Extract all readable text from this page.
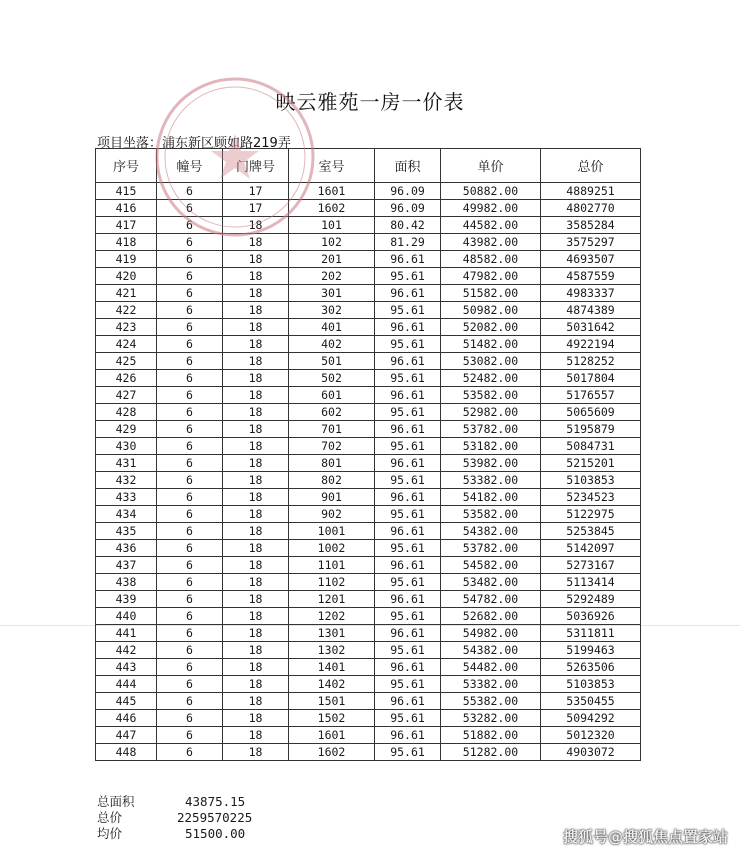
映云雅苑一房一价表
项目坐落：浦东新区顾如路219弄
序号	幢号	门牌号	室号	面积	单价	总价
415	6	17	1601	96.09	50882.00	4889251
416	6	17	1602	96.09	49982.00	4802770
417	6	18	101	80.42	44582.00	3585284
418	6	18	102	81.29	43982.00	3575297
419	6	18	201	96.61	48582.00	4693507
420	6	18	202	95.61	47982.00	4587559
421	6	18	301	96.61	51582.00	4983337
422	6	18	302	95.61	50982.00	4874389
423	6	18	401	96.61	52082.00	5031642
424	6	18	402	95.61	51482.00	4922194
425	6	18	501	96.61	53082.00	5128252
426	6	18	502	95.61	52482.00	5017804
427	6	18	601	96.61	53582.00	5176557
428	6	18	602	95.61	52982.00	5065609
429	6	18	701	96.61	53782.00	5195879
430	6	18	702	95.61	53182.00	5084731
431	6	18	801	96.61	53982.00	5215201
432	6	18	802	95.61	53382.00	5103853
433	6	18	901	96.61	54182.00	5234523
434	6	18	902	95.61	53582.00	5122975
435	6	18	1001	96.61	54382.00	5253845
436	6	18	1002	95.61	53782.00	5142097
437	6	18	1101	96.61	54582.00	5273167
438	6	18	1102	95.61	53482.00	5113414
439	6	18	1201	96.61	54782.00	5292489
440	6	18	1202	95.61	52682.00	5036926
441	6	18	1301	96.61	54982.00	5311811
442	6	18	1302	95.61	54382.00	5199463
443	6	18	1401	96.61	54482.00	5263506
444	6	18	1402	95.61	53382.00	5103853
445	6	18	1501	96.61	55382.00	5350455
446	6	18	1502	95.61	53282.00	5094292
447	6	18	1601	96.61	51882.00	5012320
448	6	18	1602	95.61	51282.00	4903072
总面积	43875.15
总价	2259570225
均价	51500.00	搜狐号@搜狐焦点置家站
